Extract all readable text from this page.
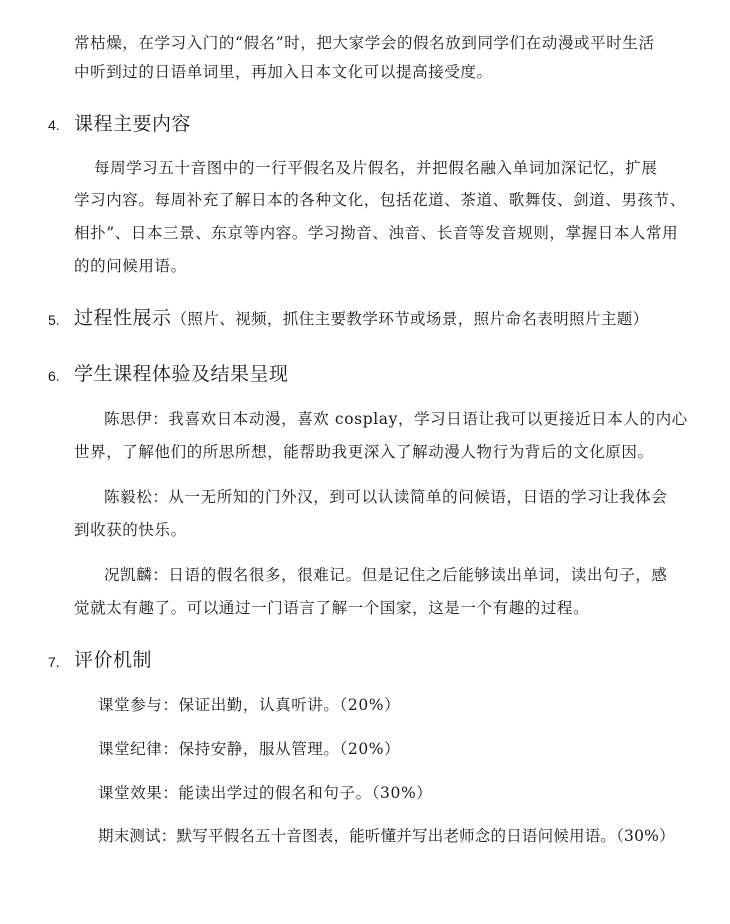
常枯燥，在学习入门的“假名”时，把大家学会的假名放到同学们在动漫或平时生活
中听到过的日语单词里，再加入日本文化可以提高接受度。
4. 课程主要内容
每周学习五十音图中的一行平假名及片假名，并把假名融入单词加深记忆，扩展
学习内容。每周补充了解日本的各种文化，包括花道、茶道、歌舞伎、剑道、男孩节、
相扑”、日本三景、东京等内容。学习拗音、浊音、长音等发音规则，掌握日本人常用
的的问候用语。
5. 过程性展示（照片、视频，抓住主要教学环节或场景，照片命名表明照片主题）
6. 学生课程体验及结果呈现
陈思伊：我喜欢日本动漫，喜欢 cosplay，学习日语让我可以更接近日本人的内心
世界，了解他们的所思所想，能帮助我更深入了解动漫人物行为背后的文化原因。
陈毅松：从一无所知的门外汉，到可以认读简单的问候语，日语的学习让我体会
到收获的快乐。
况凯麟：日语的假名很多，很难记。但是记住之后能够读出单词，读出句子，感
觉就太有趣了。可以通过一门语言了解一个国家，这是一个有趣的过程。
7. 评价机制
课堂参与：保证出勤，认真听讲。（20%）
课堂纪律：保持安静，服从管理。（20%）
课堂效果：能读出学过的假名和句子。（30%）
期末测试：默写平假名五十音图表，能听懂并写出老师念的日语问候用语。（30%）
